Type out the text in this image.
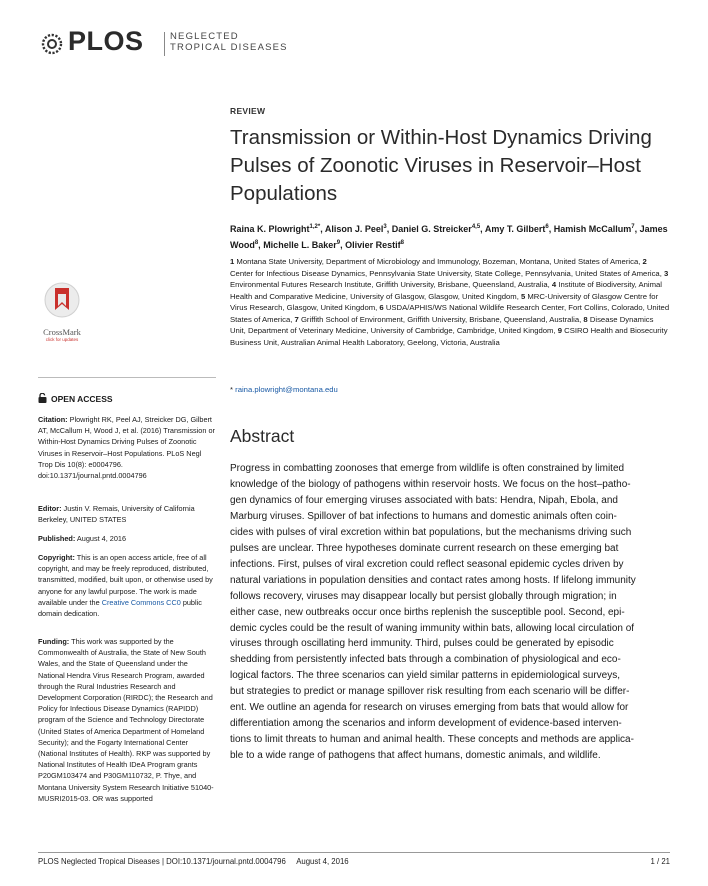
PLOS	NEGLECTED
TROPICAL DISEASES
CrossMark
click for updates
OPEN ACCESS
Citation: Plowright RK, Peel AJ, Streicker DG, Gilbert AT, McCallum H, Wood J, et al. (2016) Transmission or Within-Host Dynamics Driving Pulses of Zoonotic Viruses in Reservoir–Host Populations. PLoS Negl Trop Dis 10(8): e0004796. doi:10.1371/journal.pntd.0004796
Editor: Justin V. Remais, University of California Berkeley, UNITED STATES
Published: August 4, 2016
Copyright: This is an open access article, free of all copyright, and may be freely reproduced, distributed, transmitted, modified, built upon, or otherwise used by anyone for any lawful purpose. The work is made available under the Creative Commons CC0 public domain dedication.
Funding: This work was supported by the Commonwealth of Australia, the State of New South Wales, and the State of Queensland under the National Hendra Virus Research Program, awarded through the Rural Industries Research and Development Corporation (RIRDC); the Research and Policy for Infectious Disease Dynamics (RAPIDD) program of the Science and Technology Directorate (United States of America Department of Homeland Security); and the Fogarty International Center (National Institutes of Health). RKP was supported by National Institutes of Health IDeA Program grants P20GM103474 and P30GM110732, P. Thye, and Montana University System Research Initiative 51040-MUSRI2015-03. OR was supported
REVIEW
Transmission or Within-Host Dynamics Driving Pulses of Zoonotic Viruses in Reservoir–Host Populations
Raina K. Plowright$^{1,2*}$, Alison J. Peel$^3$, Daniel G. Streicker$^{4,5}$, Amy T. Gilbert$^6$, Hamish McCallum$^7$, James Wood$^8$, Michelle L. Baker$^9$, Olivier Restif$^8$
1 Montana State University, Department of Microbiology and Immunology, Bozeman, Montana, United States of America, 2 Center for Infectious Disease Dynamics, Pennsylvania State University, State College, Pennsylvania, United States of America, 3 Environmental Futures Research Institute, Griffith University, Brisbane, Queensland, Australia, 4 Institute of Biodiversity, Animal Health and Comparative Medicine, University of Glasgow, Glasgow, United Kingdom, 5 MRC-University of Glasgow Centre for Virus Research, Glasgow, United Kingdom, 6 USDA/APHIS/WS National Wildlife Research Center, Fort Collins, Colorado, United States of America, 7 Griffith School of Environment, Griffith University, Brisbane, Queensland, Australia, 8 Disease Dynamics Unit, Department of Veterinary Medicine, University of Cambridge, Cambridge, United Kingdom, 9 CSIRO Health and Biosecurity Business Unit, Australian Animal Health Laboratory, Geelong, Victoria, Australia
* raina.plowright@montana.edu
Abstract
Progress in combatting zoonoses that emerge from wildlife is often constrained by limited
knowledge of the biology of pathogens within reservoir hosts. We focus on the host–patho-
gen dynamics of four emerging viruses associated with bats: Hendra, Nipah, Ebola, and
Marburg viruses. Spillover of bat infections to humans and domestic animals often coin-
cides with pulses of viral excretion within bat populations, but the mechanisms driving such
pulses are unclear. Three hypotheses dominate current research on these emerging bat
infections. First, pulses of viral excretion could reflect seasonal epidemic cycles driven by
natural variations in population densities and contact rates among hosts. If lifelong immunity
follows recovery, viruses may disappear locally but persist globally through migration; in
either case, new outbreaks occur once births replenish the susceptible pool. Second, epi-
demic cycles could be the result of waning immunity within bats, allowing local circulation of
viruses through oscillating herd immunity. Third, pulses could be generated by episodic
shedding from persistently infected bats through a combination of physiological and eco-
logical factors. The three scenarios can yield similar patterns in epidemiological surveys,
but strategies to predict or manage spillover risk resulting from each scenario will be differ-
ent. We outline an agenda for research on viruses emerging from bats that would allow for
differentiation among the scenarios and inform development of evidence-based interven-
tions to limit threats to human and animal health. These concepts and methods are applica-
ble to a wide range of pathogens that affect humans, domestic animals, and wildlife.
PLOS Neglected Tropical Diseases | DOI:10.1371/journal.pntd.0004796 August 4, 2016	1 / 21
